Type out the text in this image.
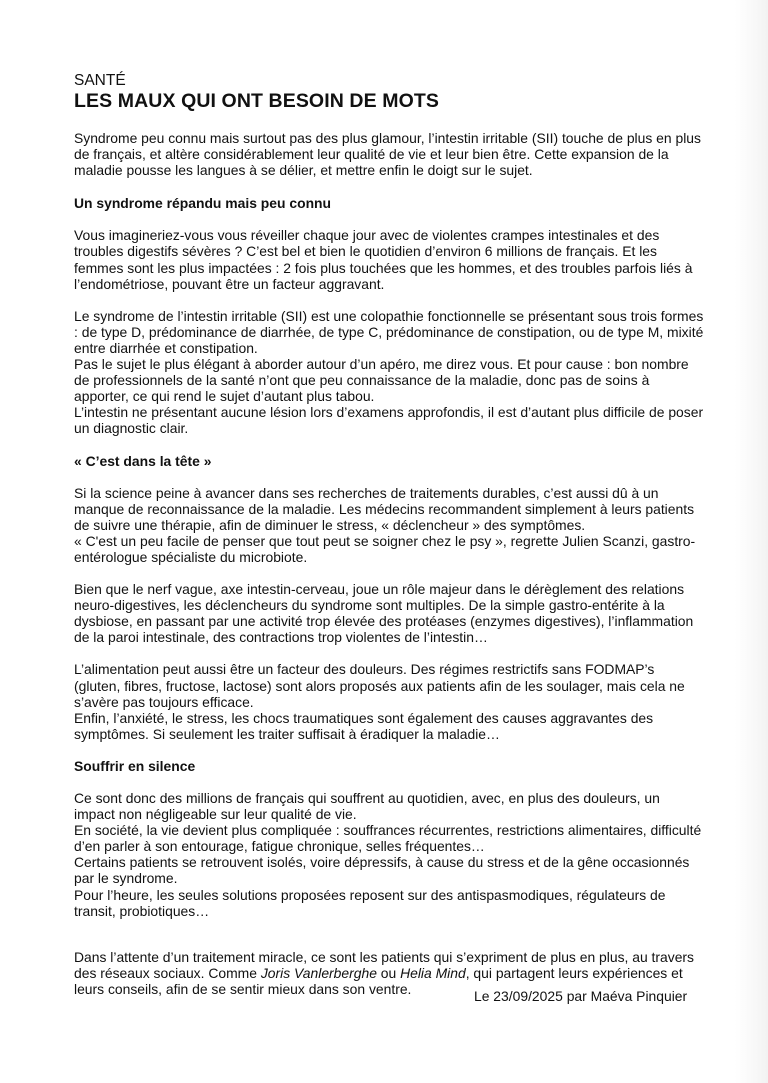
SANTÉ
LES MAUX QUI ONT BESOIN DE MOTS

Syndrome peu connu mais surtout pas des plus glamour, l’intestin irritable (SII) touche de plus en plus de français, et altère considérablement leur qualité de vie et leur bien être. Cette expansion de la maladie pousse les langues à se délier, et mettre enfin le doigt sur le sujet.

Un syndrome répandu mais peu connu

Vous imagineriez-vous vous réveiller chaque jour avec de violentes crampes intestinales et des troubles digestifs sévères ? C’est bel et bien le quotidien d’environ 6 millions de français. Et les femmes sont les plus impactées : 2 fois plus touchées que les hommes, et des troubles parfois liés à l’endométriose, pouvant être un facteur aggravant.

Le syndrome de l’intestin irritable (SII) est une colopathie fonctionnelle se présentant sous trois formes : de type D, prédominance de diarrhée, de type C, prédominance de constipation, ou de type M, mixité entre diarrhée et constipation.
Pas le sujet le plus élégant à aborder autour d’un apéro, me direz vous. Et pour cause : bon nombre de professionnels de la santé n’ont que peu connaissance de la maladie, donc pas de soins à apporter, ce qui rend le sujet d’autant plus tabou.
L’intestin ne présentant aucune lésion lors d’examens approfondis, il est d’autant plus difficile de poser un diagnostic clair.

« C’est dans la tête »

Si la science peine à avancer dans ses recherches de traitements durables, c’est aussi dû à un manque de reconnaissance de la maladie. Les médecins recommandent simplement à leurs patients de suivre une thérapie, afin de diminuer le stress, « déclencheur » des symptômes.
« C'est un peu facile de penser que tout peut se soigner chez le psy », regrette Julien Scanzi, gastro-entérologue spécialiste du microbiote.

Bien que le nerf vague, axe intestin-cerveau, joue un rôle majeur dans le dérèglement des relations neuro-digestives, les déclencheurs du syndrome sont multiples. De la simple gastro-entérite à la dysbiose, en passant par une activité trop élevée des protéases (enzymes digestives), l’inflammation de la paroi intestinale, des contractions trop violentes de l’intestin…

L’alimentation peut aussi être un facteur des douleurs. Des régimes restrictifs sans FODMAP’s (gluten, fibres, fructose, lactose) sont alors proposés aux patients afin de les soulager, mais cela ne s’avère pas toujours efficace.
Enfin, l’anxiété, le stress, les chocs traumatiques sont également des causes aggravantes des symptômes. Si seulement les traiter suffisait à éradiquer la maladie…

Souffrir en silence

Ce sont donc des millions de français qui souffrent au quotidien, avec, en plus des douleurs, un impact non négligeable sur leur qualité de vie.
En société, la vie devient plus compliquée : souffrances récurrentes, restrictions alimentaires, difficulté d’en parler à son entourage, fatigue chronique, selles fréquentes…
Certains patients se retrouvent isolés, voire dépressifs, à cause du stress et de la gêne occasionnés par le syndrome.
Pour l’heure, les seules solutions proposées reposent sur des antispasmodiques, régulateurs de transit, probiotiques…

Dans l’attente d’un traitement miracle, ce sont les patients qui s’expriment de plus en plus, au travers des réseaux sociaux. Comme Joris Vanlerberghe ou Helia Mind, qui partagent leurs expériences et leurs conseils, afin de se sentir mieux dans son ventre.	Le 23/09/2025 par Maéva Pinquier
